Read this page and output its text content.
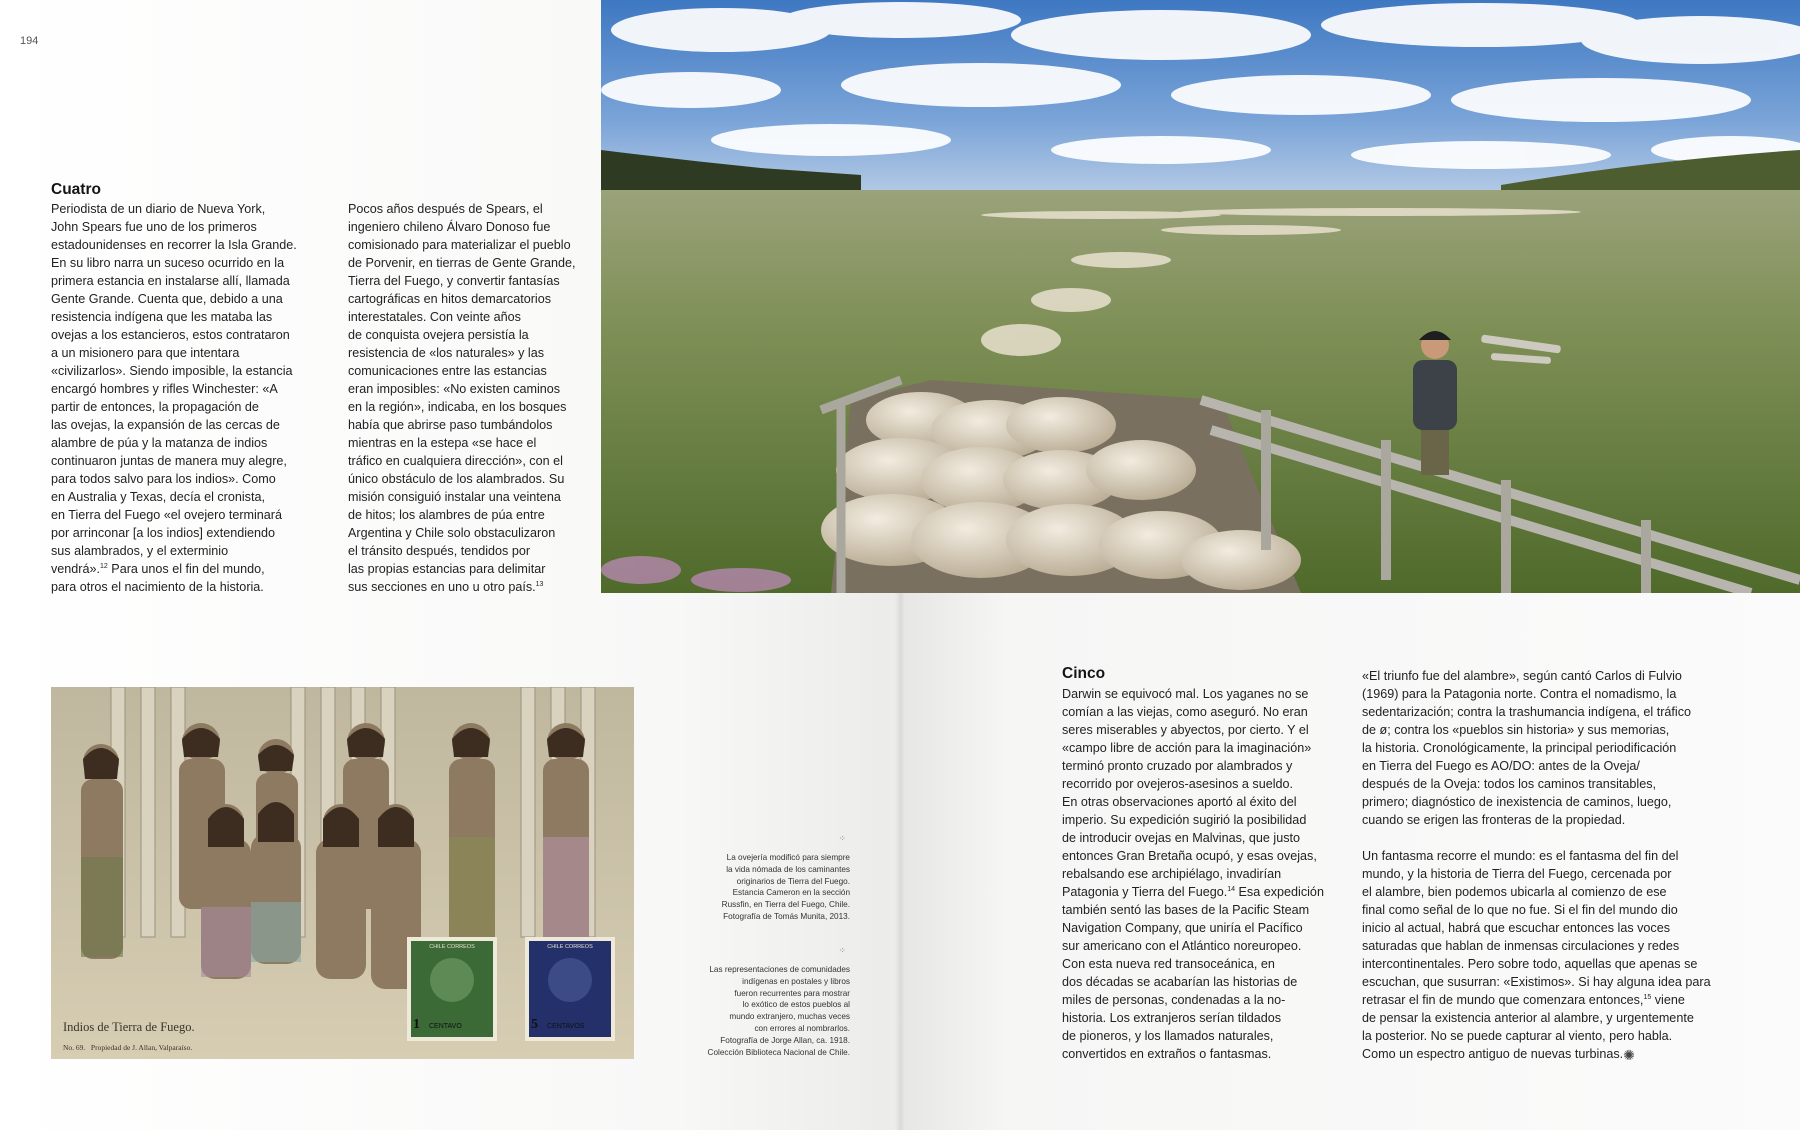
194
Cuatro
Periodista de un diario de Nueva York,
John Spears fue uno de los primeros
estadounidenses en recorrer la Isla Grande.
En su libro narra un suceso ocurrido en la
primera estancia en instalarse allí, llamada
Gente Grande. Cuenta que, debido a una
resistencia indígena que les mataba las
ovejas a los estancieros, estos contrataron
a un misionero para que intentara
«civilizarlos». Siendo imposible, la estancia
encargó hombres y rifles Winchester: «A
partir de entonces, la propagación de
las ovejas, la expansión de las cercas de
alambre de púa y la matanza de indios
continuaron juntas de manera muy alegre,
para todos salvo para los indios». Como
en Australia y Texas, decía el cronista,
en Tierra del Fuego «el ovejero terminará
por arrinconar [a los indios] extendiendo
sus alambrados, y el exterminio
vendrá».$^{12}$ Para unos el fin del mundo,
para otros el nacimiento de la historia.
Pocos años después de Spears, el
ingeniero chileno Álvaro Donoso fue
comisionado para materializar el pueblo
de Porvenir, en tierras de Gente Grande,
Tierra del Fuego, y convertir fantasías
cartográficas en hitos demarcatorios
interestatales. Con veinte años
de conquista ovejera persistía la
resistencia de «los naturales» y las
comunicaciones entre las estancias
eran imposibles: «No existen caminos
en la región», indicaba, en los bosques
había que abrirse paso tumbándolos
mientras en la estepa «se hace el
tráfico en cualquiera dirección», con el
único obstáculo de los alambrados. Su
misión consiguió instalar una veintena
de hitos; los alambres de púa entre
Argentina y Chile solo obstaculizaron
el tránsito después, tendidos por
las propias estancias para delimitar
sus secciones en uno u otro país.$^{13}$
Indios de Tierra de Fuego.
No. 69.   Propiedad de J. Allan, Valparaíso.
CHILE CORREOS
1 CENTAVO
CHILE CORREOS
5 CENTAVOS
⁘
La ovejería modificó para siempre
la vida nómada de los caminantes
originarios de Tierra del Fuego.
Estancia Cameron en la sección
Russfin, en Tierra del Fuego, Chile.
Fotografía de Tomás Munita, 2013.
⁘
Las representaciones de comunidades
indígenas en postales y libros
fueron recurrentes para mostrar
lo exótico de estos pueblos al
mundo extranjero, muchas veces
con errores al nombrarlos.
Fotografía de Jorge Allan, ca. 1918.
Colección Biblioteca Nacional de Chile.
Cinco
Darwin se equivocó mal. Los yaganes no se
comían a las viejas, como aseguró. No eran
seres miserables y abyectos, por cierto. Y el
«campo libre de acción para la imaginación»
terminó pronto cruzado por alambrados y
recorrido por ovejeros-asesinos a sueldo.
En otras observaciones aportó al éxito del
imperio. Su expedición sugirió la posibilidad
de introducir ovejas en Malvinas, que justo
entonces Gran Bretaña ocupó, y esas ovejas,
rebalsando ese archipiélago, invadirían
Patagonia y Tierra del Fuego.$^{14}$ Esa expedición
también sentó las bases de la Pacific Steam
Navigation Company, que uniría el Pacífico
sur americano con el Atlántico noreuropeo.
Con esta nueva red transoceánica, en
dos décadas se acabarían las historias de
miles de personas, condenadas a la no-
historia. Los extranjeros serían tildados
de pioneros, y los llamados naturales,
convertidos en extraños o fantasmas.
«El triunfo fue del alambre», según cantó Carlos di Fulvio
(1969) para la Patagonia norte. Contra el nomadismo, la
sedentarización; contra la trashumancia indígena, el tráfico
de ø; contra los «pueblos sin historia» y sus memorias,
la historia. Cronológicamente, la principal periodificación
en Tierra del Fuego es AO/DO: antes de la Oveja/
después de la Oveja: todos los caminos transitables,
primero; diagnóstico de inexistencia de caminos, luego,
cuando se erigen las fronteras de la propiedad.

Un fantasma recorre el mundo: es el fantasma del fin del
mundo, y la historia de Tierra del Fuego, cercenada por
el alambre, bien podemos ubicarla al comienzo de ese
final como señal de lo que no fue. Si el fin del mundo dio
inicio al actual, habrá que escuchar entonces las voces
saturadas que hablan de inmensas circulaciones y redes
intercontinentales. Pero sobre todo, aquellas que apenas se
escuchan, que susurran: «Existimos». Si hay alguna idea para
retrasar el fin de mundo que comenzara entonces,$^{15}$ viene
de pensar la existencia anterior al alambre, y urgentemente
la posterior. No se puede capturar al viento, pero habla.
Como un espectro antiguo de nuevas turbinas.✺
